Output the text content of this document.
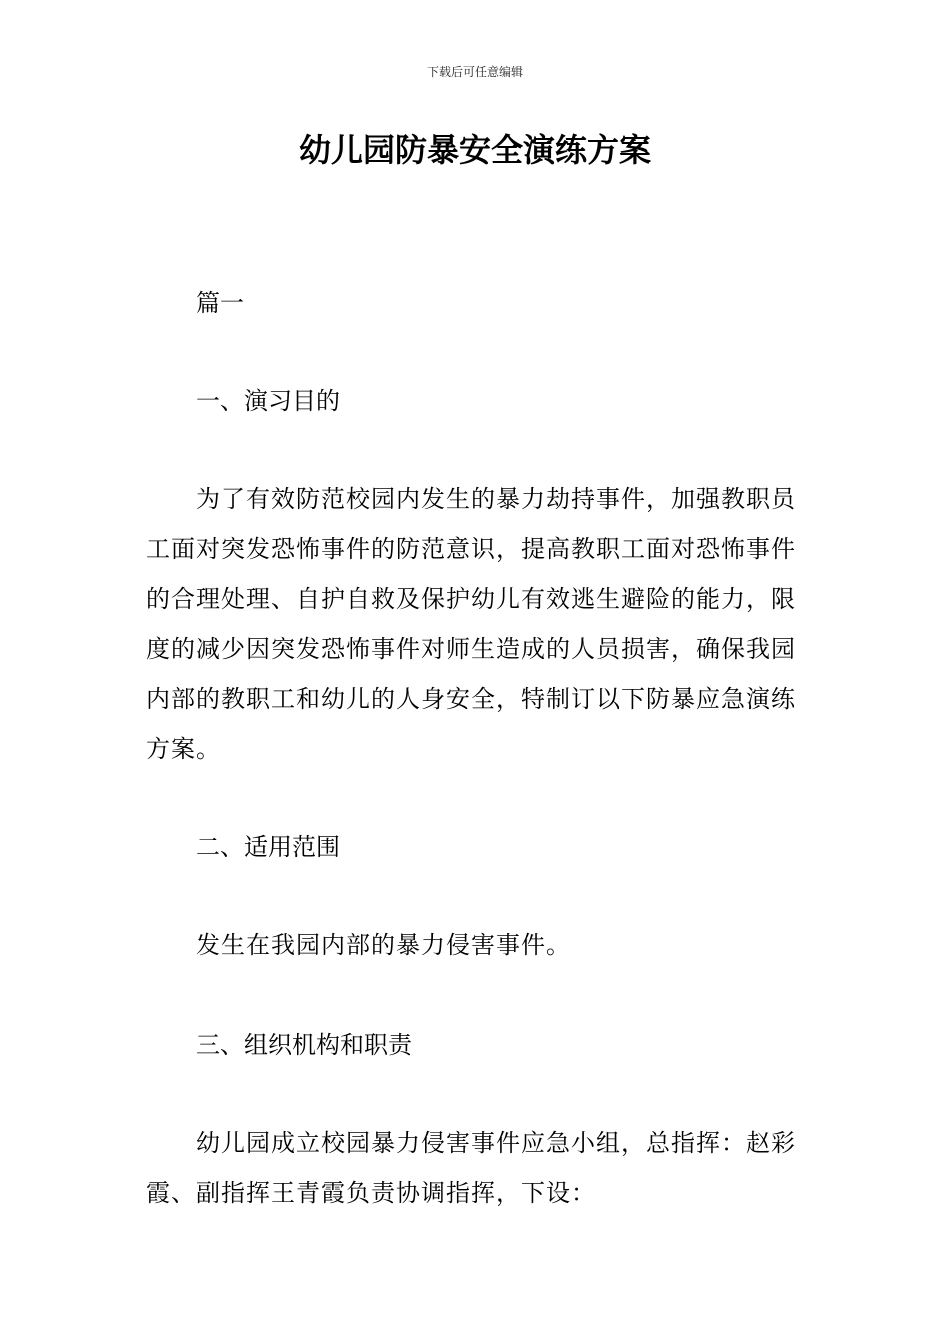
下载后可任意编辑
幼儿园防暴安全演练方案

篇一

一、演习目的

为了有效防范校园内发生的暴力劫持事件，加强教职员工面对突发恐怖事件的防范意识，提高教职工面对恐怖事件的合理处理、自护自救及保护幼儿有效逃生避险的能力，限度的减少因突发恐怖事件对师生造成的人员损害，确保我园内部的教职工和幼儿的人身安全，特制订以下防暴应急演练方案。

二、适用范围

发生在我园内部的暴力侵害事件。

三、组织机构和职责

幼儿园成立校园暴力侵害事件应急小组，总指挥：赵彩霞、副指挥王青霞负责协调指挥，下设：
